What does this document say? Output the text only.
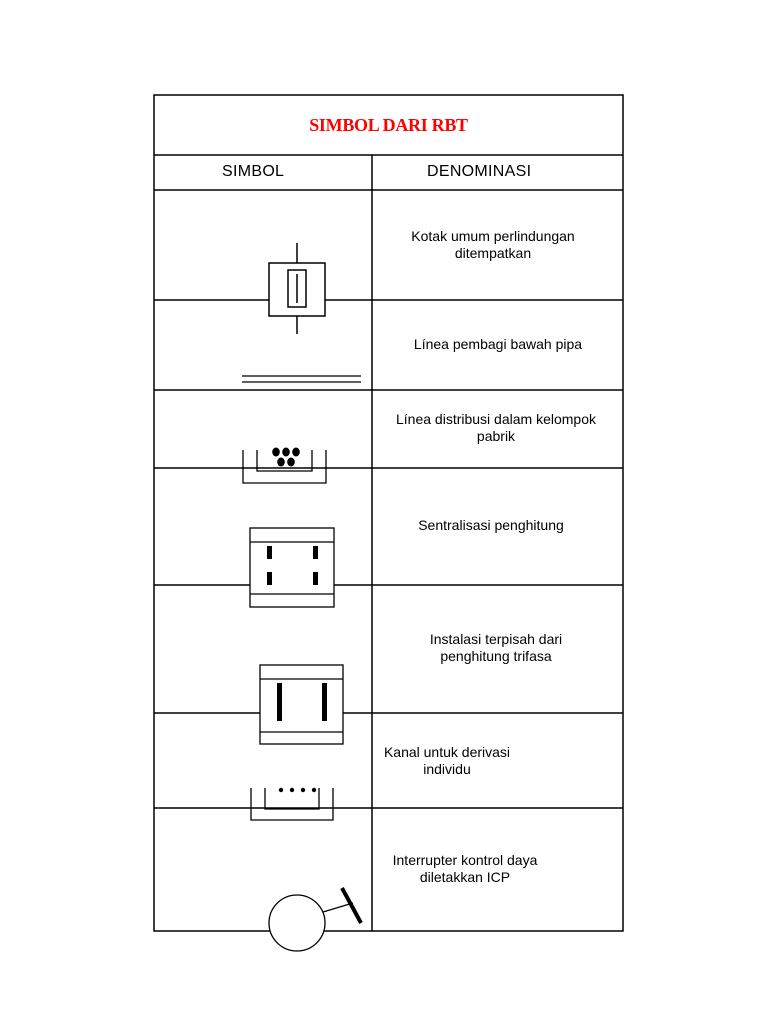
SIMBOL DARI RBT
SIMBOL	DENOMINASI
Kotak umum perlindungan
ditempatkan
Línea pembagi bawah pipa
Línea distribusi dalam kelompok
pabrik
Sentralisasi penghitung
Instalasi terpisah dari
penghitung trifasa
Kanal untuk derivasi
individu
Interrupter kontrol daya
diletakkan ICP
